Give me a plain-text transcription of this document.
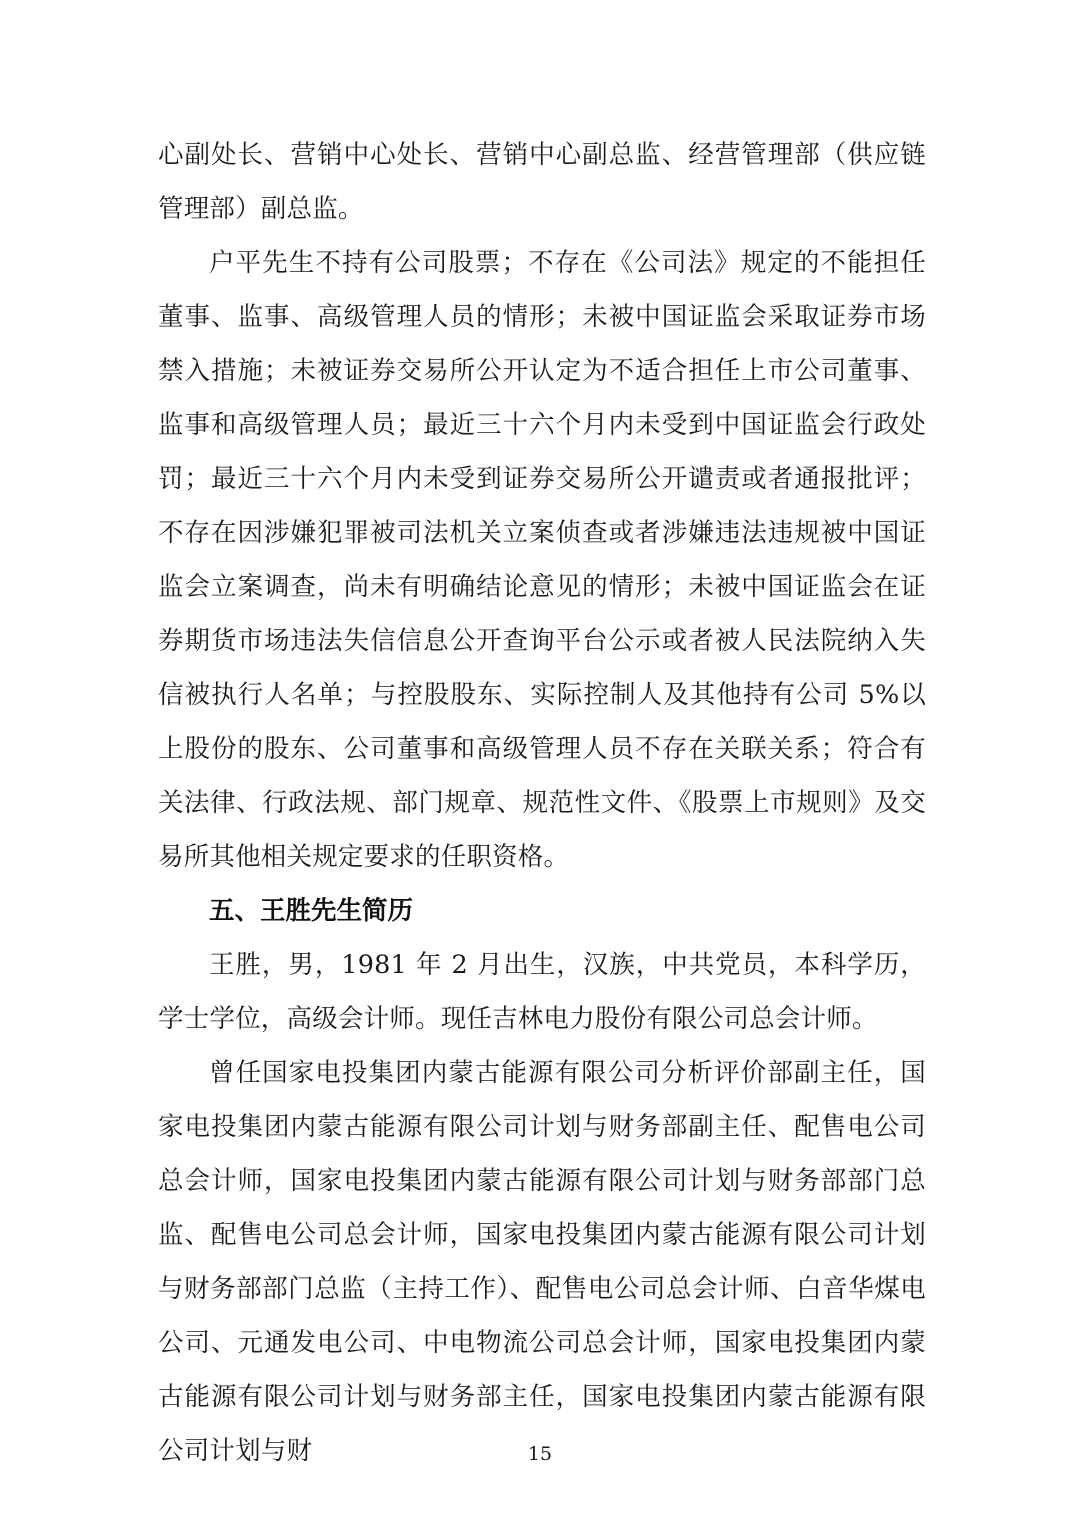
心副处长、营销中心处长、营销中心副总监、经营管理部（供应链管理部）副总监。

户平先生不持有公司股票；不存在《公司法》规定的不能担任董事、监事、高级管理人员的情形；未被中国证监会采取证券市场禁入措施；未被证券交易所公开认定为不适合担任上市公司董事、监事和高级管理人员；最近三十六个月内未受到中国证监会行政处罚；最近三十六个月内未受到证券交易所公开谴责或者通报批评；不存在因涉嫌犯罪被司法机关立案侦查或者涉嫌违法违规被中国证监会立案调查，尚未有明确结论意见的情形；未被中国证监会在证券期货市场违法失信信息公开查询平台公示或者被人民法院纳入失信被执行人名单；与控股股东、实际控制人及其他持有公司 5%以上股份的股东、公司董事和高级管理人员不存在关联关系；符合有关法律、行政法规、部门规章、规范性文件、《股票上市规则》及交易所其他相关规定要求的任职资格。

五、王胜先生简历

王胜，男，1981 年 2 月出生，汉族，中共党员，本科学历，学士学位，高级会计师。现任吉林电力股份有限公司总会计师。

曾任国家电投集团内蒙古能源有限公司分析评价部副主任，国家电投集团内蒙古能源有限公司计划与财务部副主任、配售电公司总会计师，国家电投集团内蒙古能源有限公司计划与财务部部门总监、配售电公司总会计师，国家电投集团内蒙古能源有限公司计划与财务部部门总监（主持工作）、配售电公司总会计师、白音华煤电公司、元通发电公司、中电物流公司总会计师，国家电投集团内蒙古能源有限公司计划与财务部主任，国家电投集团内蒙古能源有限公司计划与财	15
